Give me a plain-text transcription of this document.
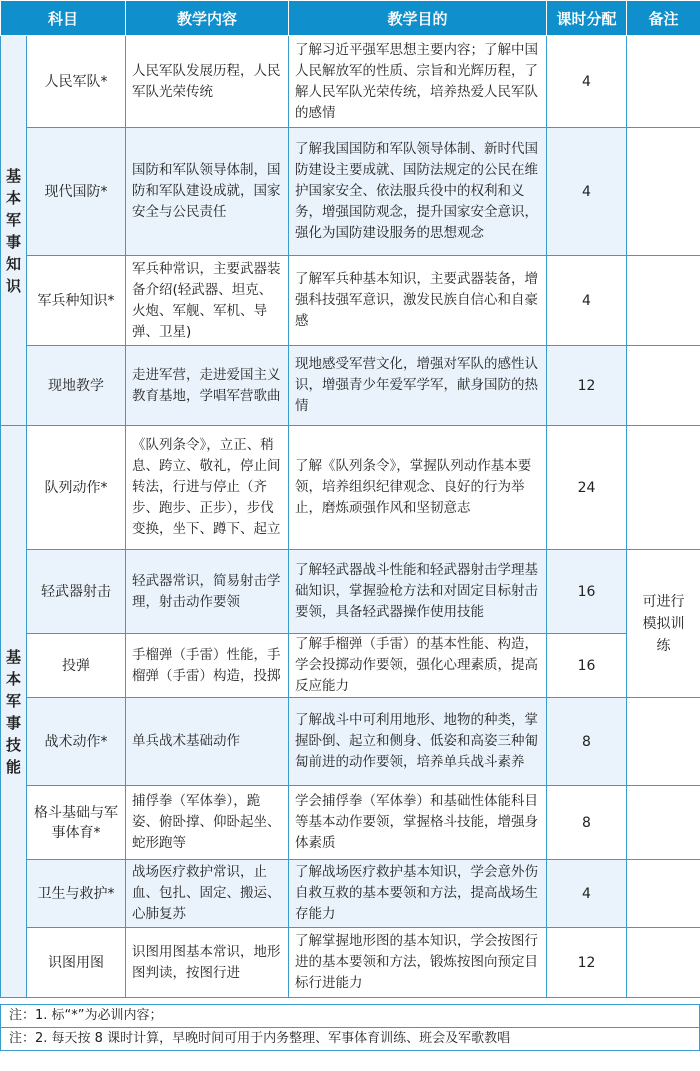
科目		教学内容	教学目的	课时分配	备注
基本军事知识	人民军队*	人民军队发展历程，人民军队光荣传统	了解习近平强军思想主要内容；了解中国人民解放军的性质、宗旨和光辉历程，了解人民军队光荣传统，培养热爱人民军队的感情	4	
	现代国防*	国防和军队领导体制，国防和军队建设成就，国家安全与公民责任	了解我国国防和军队领导体制、新时代国防建设主要成就、国防法规定的公民在维护国家安全、依法服兵役中的权利和义务，增强国防观念，提升国家安全意识，强化为国防建设服务的思想观念	4	
	军兵种知识*	军兵种常识，主要武器装备介绍(轻武器、坦克、火炮、军舰、军机、导弹、卫星)	了解军兵种基本知识，主要武器装备，增强科技强军意识，激发民族自信心和自豪感	4	
	现地教学	走进军营，走进爱国主义教育基地，学唱军营歌曲	现地感受军营文化，增强对军队的感性认识，增强青少年爱军学军，献身国防的热情	12	
基本军事技能	队列动作*	《队列条令》，立正、稍息、跨立、敬礼，停止间转法，行进与停止（齐步、跑步、正步），步伐变换，坐下、蹲下、起立	了解《队列条令》，掌握队列动作基本要领，培养组织纪律观念、良好的行为举止，磨炼顽强作风和坚韧意志	24	
	轻武器射击	轻武器常识，简易射击学理，射击动作要领	了解轻武器战斗性能和轻武器射击学理基础知识，掌握验枪方法和对固定目标射击要领，具备轻武器操作使用技能	16	可进行模拟训练
	投弹	手榴弹（手雷）性能，手榴弹（手雷）构造，投掷	了解手榴弹（手雷）的基本性能、构造，学会投掷动作要领，强化心理素质，提高反应能力	16	
	战术动作*	单兵战术基础动作	了解战斗中可利用地形、地物的种类，掌握卧倒、起立和侧身、低姿和高姿三种匍匐前进的动作要领，培养单兵战斗素养	8	
	格斗基础与军事体育*	捕俘拳（军体拳），跪姿、俯卧撑、仰卧起坐、蛇形跑等	学会捕俘拳（军体拳）和基础性体能科目等基本动作要领，掌握格斗技能，增强身体素质	8	
	卫生与救护*	战场医疗救护常识，止血、包扎、固定、搬运、心肺复苏	了解战场医疗救护基本知识，学会意外伤自救互救的基本要领和方法，提高战场生存能力	4	
	识图用图	识图用图基本常识，地形图判读，按图行进	了解掌握地形图的基本知识，学会按图行进的基本要领和方法，锻炼按图向预定目标行进能力	12	
注：1. 标“*”为必训内容；
注：2. 每天按 8 课时计算，早晚时间可用于内务整理、军事体育训练、班会及军歌教唱
